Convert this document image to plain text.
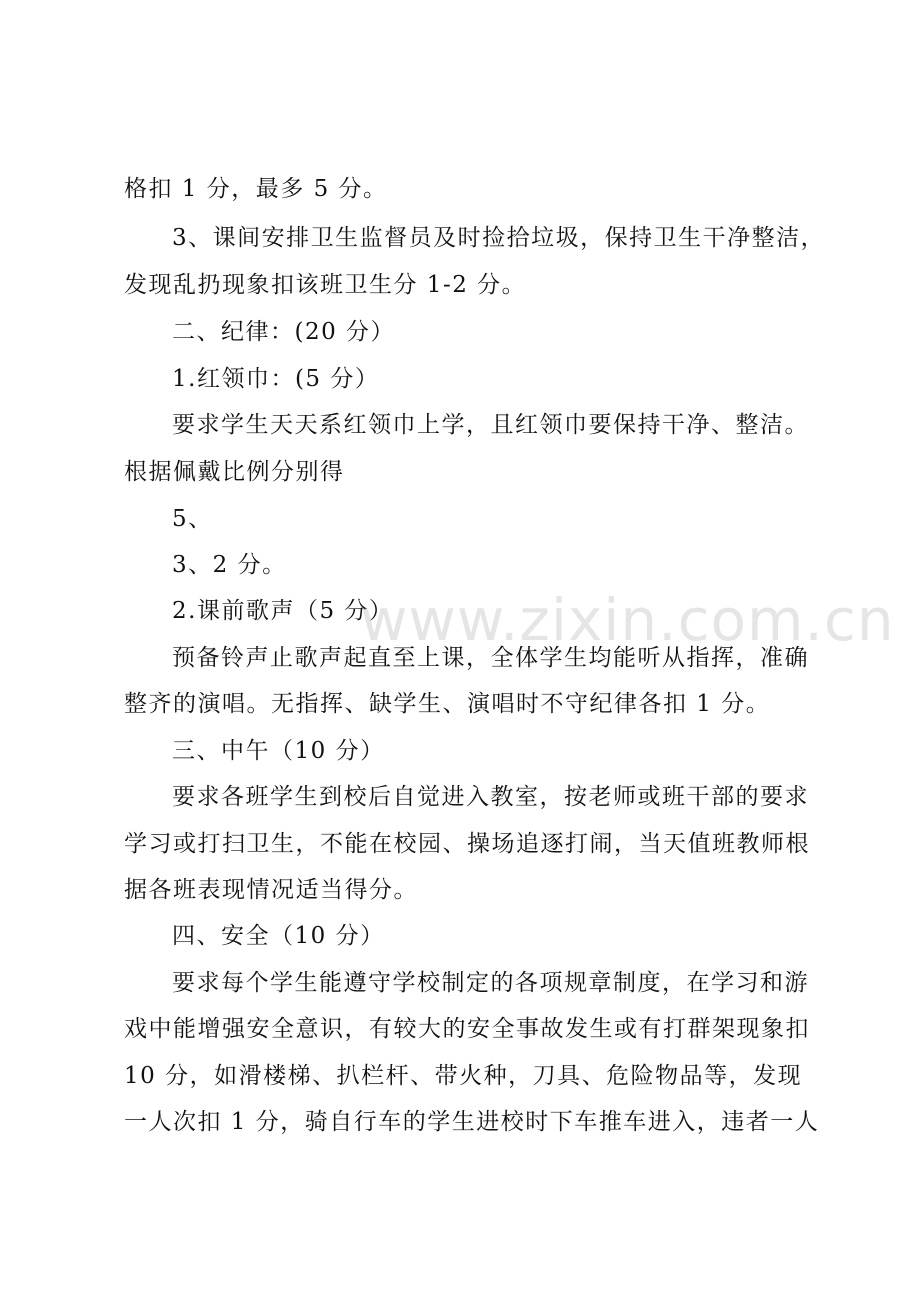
格扣 1 分，最多 5 分。
3、课间安排卫生监督员及时捡拾垃圾，保持卫生干净整洁，
发现乱扔现象扣该班卫生分 1-2 分。
二、纪律：(20 分）
1.红领巾：(5 分）
要求学生天天系红领巾上学，且红领巾要保持干净、整洁。
根据佩戴比例分别得
5、
3、2 分。
2.课前歌声（5 分）
预备铃声止歌声起直至上课，全体学生均能听从指挥，准确
整齐的演唱。无指挥、缺学生、演唱时不守纪律各扣 1 分。
三、中午（10 分）
要求各班学生到校后自觉进入教室，按老师或班干部的要求
学习或打扫卫生，不能在校园、操场追逐打闹，当天值班教师根
据各班表现情况适当得分。
四、安全（10 分）
要求每个学生能遵守学校制定的各项规章制度，在学习和游
戏中能增强安全意识，有较大的安全事故发生或有打群架现象扣
10 分，如滑楼梯、扒栏杆、带火种，刀具、危险物品等，发现
一人次扣 1 分，骑自行车的学生进校时下车推车进入，违者一人
www.zixin.com.cn
